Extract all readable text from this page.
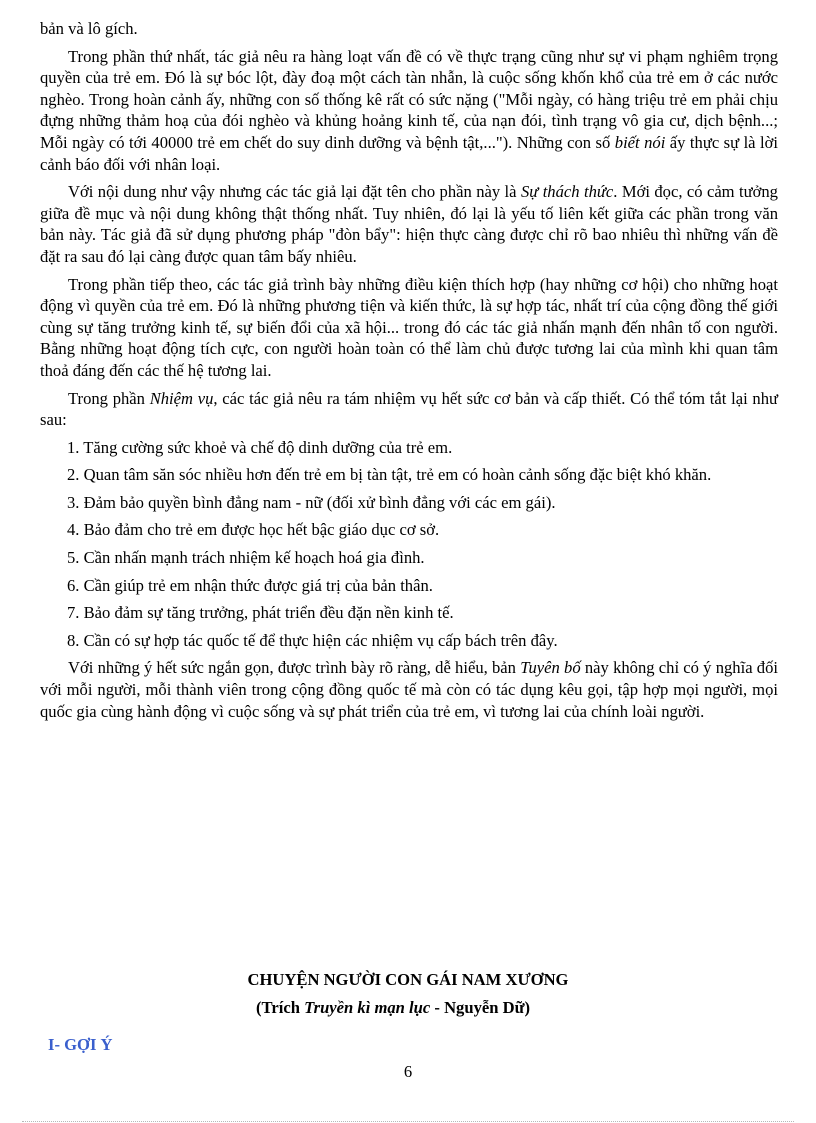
bản và lô gích.

Trong phần thứ nhất, tác giả nêu ra hàng loạt vấn đề có về thực trạng cũng như sự vi phạm nghiêm trọng quyền của trẻ em. Đó là sự bóc lột, đày đoạ một cách tàn nhẫn, là cuộc sống khốn khổ của trẻ em ở các nước nghèo. Trong hoàn cảnh ấy, những con số thống kê rất có sức nặng ("Mỗi ngày, có hàng triệu trẻ em phải chịu đựng những thảm hoạ của đói nghèo và khủng hoảng kinh tế, của nạn đói, tình trạng vô gia cư, dịch bệnh...; Mỗi ngày có tới 40000 trẻ em chết do suy dinh dưỡng và bệnh tật,..."). Những con số biết nói ấy thực sự là lời cảnh báo đối với nhân loại.

Với nội dung như vậy nhưng các tác giả lại đặt tên cho phần này là Sự thách thức. Mới đọc, có cảm tưởng giữa đề mục và nội dung không thật thống nhất. Tuy nhiên, đó lại là yếu tố liên kết giữa các phần trong văn bản này. Tác giả đã sử dụng phương pháp "đòn bẩy": hiện thực càng được chỉ rõ bao nhiêu thì những vấn đề đặt ra sau đó lại càng được quan tâm bấy nhiêu.

Trong phần tiếp theo, các tác giả trình bày những điều kiện thích hợp (hay những cơ hội) cho những hoạt động vì quyền của trẻ em. Đó là những phương tiện và kiến thức, là sự hợp tác, nhất trí của cộng đồng thế giới cùng sự tăng trưởng kinh tế, sự biến đổi của xã hội... trong đó các tác giả nhấn mạnh đến nhân tố con người. Bằng những hoạt động tích cực, con người hoàn toàn có thể làm chủ được tương lai của mình khi quan tâm thoả đáng đến các thế hệ tương lai.

Trong phần Nhiệm vụ, các tác giả nêu ra tám nhiệm vụ hết sức cơ bản và cấp thiết. Có thể tóm tắt lại như sau:

1. Tăng cường sức khoẻ và chế độ dinh dưỡng của trẻ em.

2. Quan tâm săn sóc nhiều hơn đến trẻ em bị tàn tật, trẻ em có hoàn cảnh sống đặc biệt khó khăn.

3. Đảm bảo quyền bình đẳng nam - nữ (đối xử bình đẳng với các em gái).

4. Bảo đảm cho trẻ em được học hết bậc giáo dục cơ sở.

5. Cần nhấn mạnh trách nhiệm kế hoạch hoá gia đình.

6. Cần giúp trẻ em nhận thức được giá trị của bản thân.

7. Bảo đảm sự tăng trưởng, phát triển đều đặn nền kinh tế.

8. Cần có sự hợp tác quốc tế để thực hiện các nhiệm vụ cấp bách trên đây.

Với những ý hết sức ngắn gọn, được trình bày rõ ràng, dễ hiểu, bản Tuyên bố này không chỉ có ý nghĩa đối với mỗi người, mỗi thành viên trong cộng đồng quốc tế mà còn có tác dụng kêu gọi, tập hợp mọi người, mọi quốc gia cùng hành động vì cuộc sống và sự phát triển của trẻ em, vì tương lai của chính loài người.

CHUYỆN NGƯỜI CON GÁI NAM XƯƠNG
(Trích Truyền kì mạn lục - Nguyễn Dữ)
I- GỢI Ý
6
